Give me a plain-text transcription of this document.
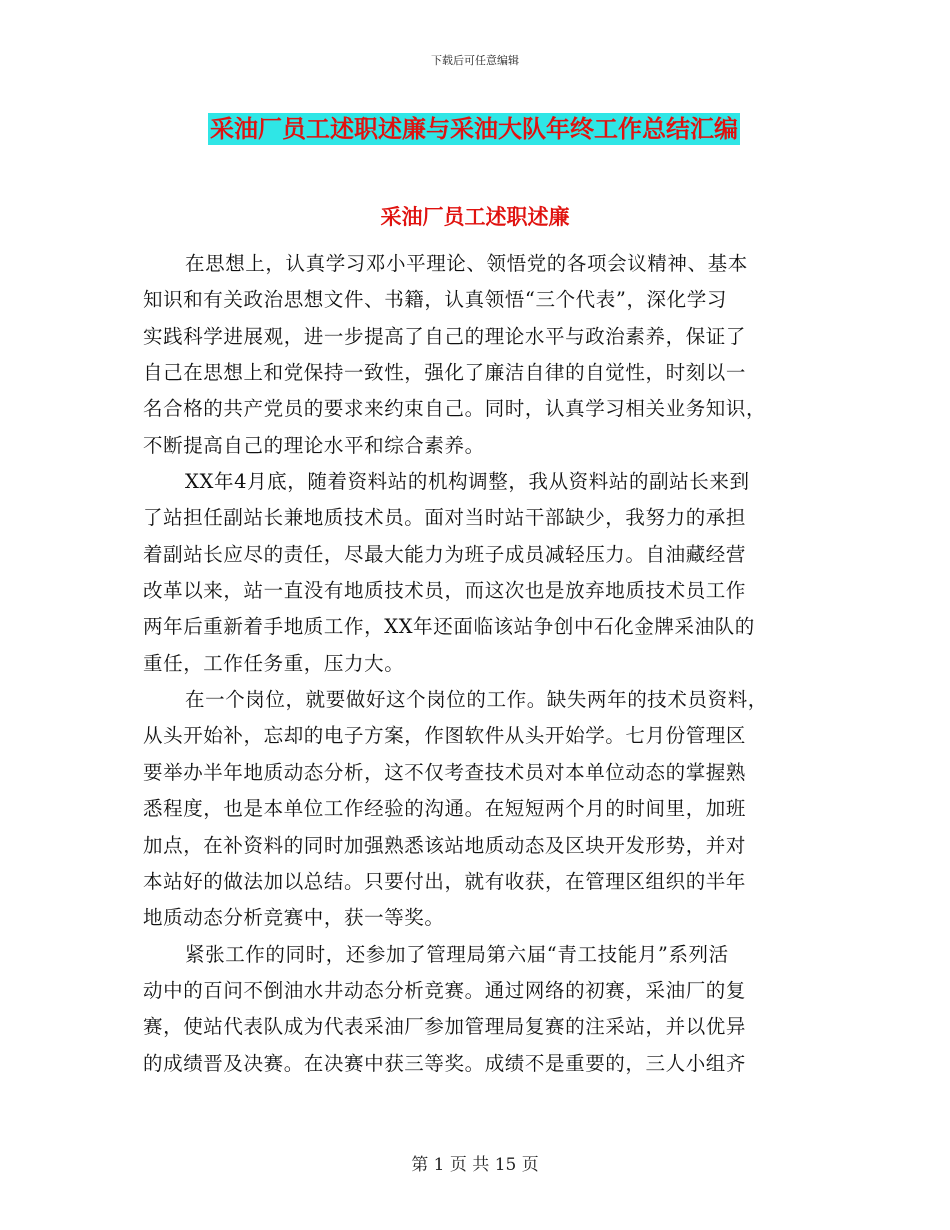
下载后可任意编辑
采油厂员工述职述廉与采油大队年终工作总结汇编
采油厂员工述职述廉
在思想上，认真学习邓小平理论、领悟党的各项会议精神、基本
知识和有关政治思想文件、书籍，认真领悟“三个代表”，深化学习
实践科学进展观，进一步提高了自己的理论水平与政治素养，保证了
自己在思想上和党保持一致性，强化了廉洁自律的自觉性，时刻以一
名合格的共产党员的要求来约束自己。同时，认真学习相关业务知识，
不断提高自己的理论水平和综合素养。
XX年4月底，随着资料站的机构调整，我从资料站的副站长来到
了站担任副站长兼地质技术员。面对当时站干部缺少，我努力的承担
着副站长应尽的责任，尽最大能力为班子成员减轻压力。自油藏经营
改革以来，站一直没有地质技术员，而这次也是放弃地质技术员工作
两年后重新着手地质工作，XX年还面临该站争创中石化金牌采油队的
重任，工作任务重，压力大。
在一个岗位，就要做好这个岗位的工作。缺失两年的技术员资料，
从头开始补，忘却的电子方案，作图软件从头开始学。七月份管理区
要举办半年地质动态分析，这不仅考查技术员对本单位动态的掌握熟
悉程度，也是本单位工作经验的沟通。在短短两个月的时间里，加班
加点，在补资料的同时加强熟悉该站地质动态及区块开发形势，并对
本站好的做法加以总结。只要付出，就有收获，在管理区组织的半年
地质动态分析竞赛中，获一等奖。
紧张工作的同时，还参加了管理局第六届“青工技能月”系列活
动中的百问不倒油水井动态分析竞赛。通过网络的初赛，采油厂的复
赛，使站代表队成为代表采油厂参加管理局复赛的注采站，并以优异
的成绩晋及决赛。在决赛中获三等奖。成绩不是重要的，三人小组齐
第 1 页 共 15 页
